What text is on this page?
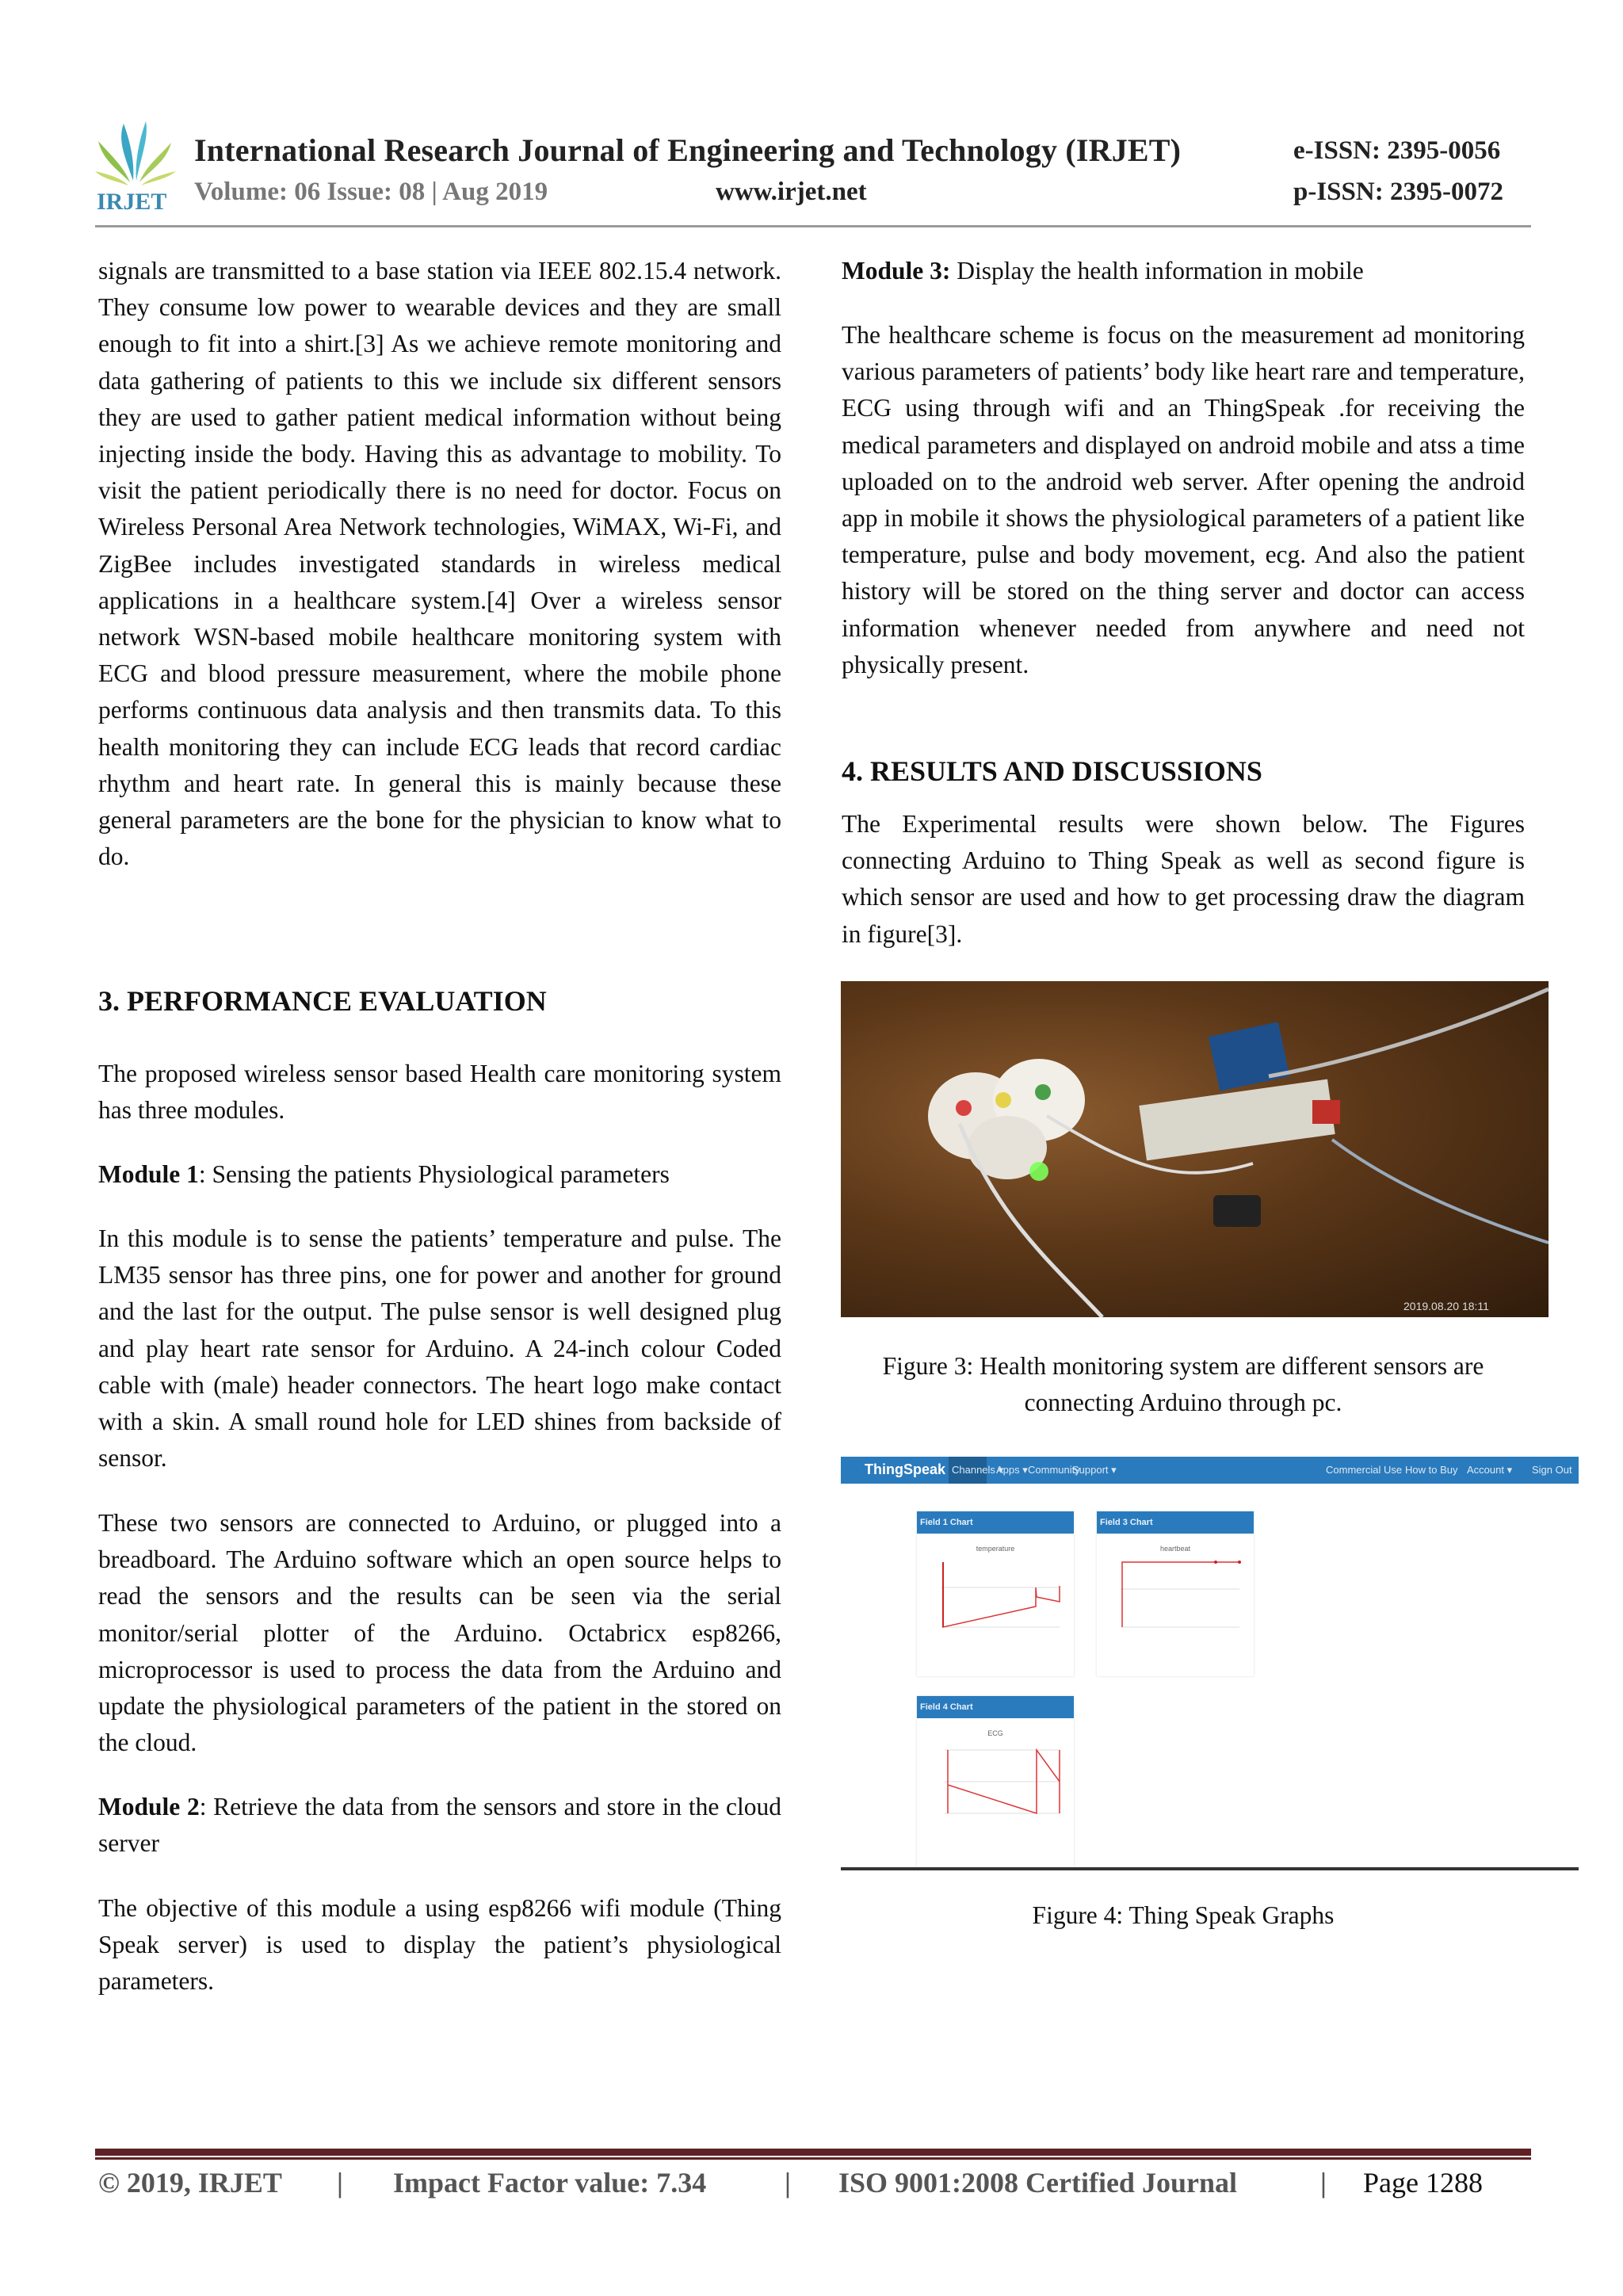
IRJET
International Research Journal of Engineering and Technology (IRJET)	e-ISSN: 2395-0056
Volume: 06 Issue: 08 | Aug 2019	www.irjet.net	p-ISSN: 2395-0072

signals are transmitted to a base station via IEEE 802.15.4 network. They consume low power to wearable devices and they are small enough to fit into a shirt.[3] As we achieve remote monitoring and data gathering of patients to this we include six different sensors they are used to gather patient medical information without being injecting inside the body. Having this as advantage to mobility. To visit the patient periodically there is no need for doctor. Focus on Wireless Personal Area Network technologies, WiMAX, Wi-Fi, and ZigBee includes investigated standards in wireless medical applications in a healthcare system.[4] Over a wireless sensor network WSN-based mobile healthcare monitoring system with ECG and blood pressure measurement, where the mobile phone performs continuous data analysis and then transmits data. To this health monitoring they can include ECG leads that record cardiac rhythm and heart rate. In general this is mainly because these general parameters are the bone for the physician to know what to do.

3. PERFORMANCE EVALUATION

The proposed wireless sensor based Health care monitoring system has three modules.

Module 1: Sensing the patients Physiological parameters

In this module is to sense the patients’ temperature and pulse. The LM35 sensor has three pins, one for power and another for ground and the last for the output. The pulse sensor is well designed plug and play heart rate sensor for Arduino. A 24-inch colour Coded cable with (male) header connectors. The heart logo make contact with a skin. A small round hole for LED shines from backside of sensor.

These two sensors are connected to Arduino, or plugged into a breadboard. The Arduino software which an open source helps to read the sensors and the results can be seen via the serial monitor/serial plotter of the Arduino. Octabricx esp8266, microprocessor is used to process the data from the Arduino and update the physiological parameters of the patient in the stored on the cloud.

Module 2: Retrieve the data from the sensors and store in the cloud server

The objective of this module a using esp8266 wifi module (Thing Speak server) is used to display the patient’s physiological parameters.

Module 3: Display the health information in mobile

The healthcare scheme is focus on the measurement ad monitoring various parameters of patients’ body like heart rare and temperature, ECG using through wifi and an ThingSpeak .for receiving the medical parameters and displayed on android mobile and atss a time uploaded on to the android web server. After opening the android app in mobile it shows the physiological parameters of a patient like temperature, pulse and body movement, ecg. And also the patient history will be stored on the thing server and doctor can access information whenever needed from anywhere and need not physically present.

4. RESULTS AND DISCUSSIONS

The Experimental results were shown below. The Figures connecting Arduino to Thing Speak as well as second figure is which sensor are used and how to get processing draw the diagram in figure[3].

2019.08.20 18:11
Figure 3: Health monitoring system are different sensors are connecting Arduino through pc.
ThingSpeak Channels ▾
Apps ▾ Community
Support ▾	Commercial Use How to Buy Account ▾ Sign Out
Field 1 Chart
temperature
Field 3 Chart
heartbeat
Field 4 Chart
ECG
Figure 4: Thing Speak Graphs
© 2019, IRJET | Impact Factor value: 7.34	| ISO 9001:2008 Certified Journal	| Page 1288
